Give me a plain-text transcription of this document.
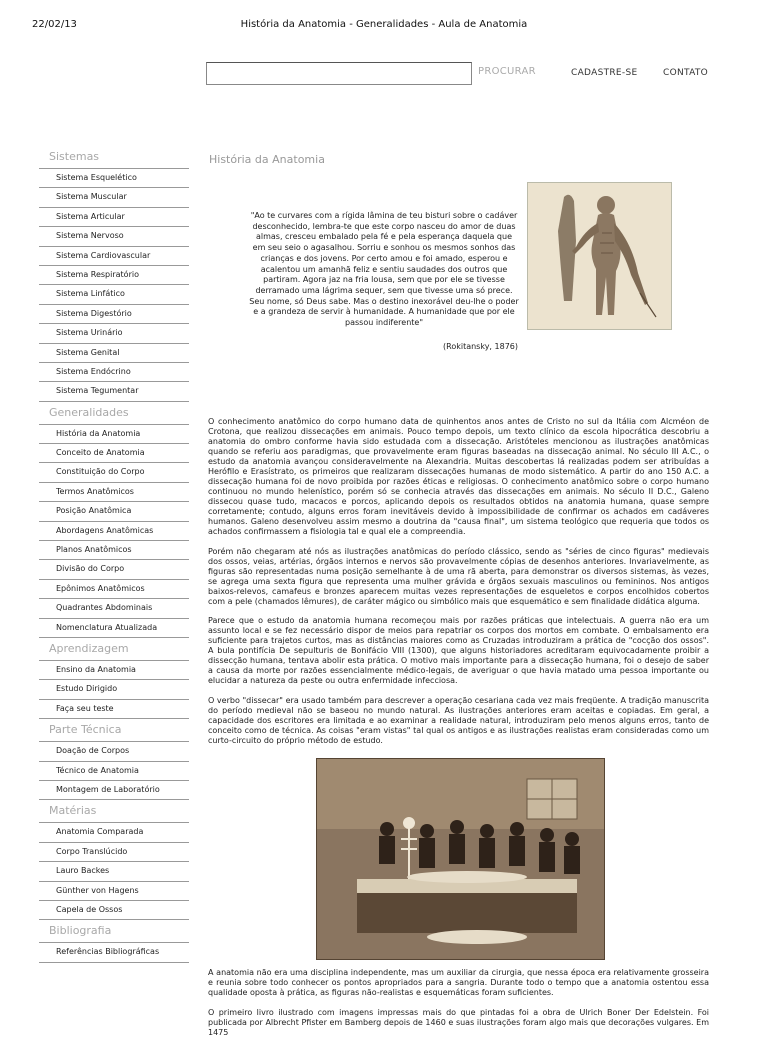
22/02/13	História da Anatomia - Generalidades - Aula de Anatomia
PROCURAR	CADASTRE-SE	CONTATO
Sistemas
Sistema Esquelético
Sistema Muscular
Sistema Articular
Sistema Nervoso
Sistema Cardiovascular
Sistema Respiratório
Sistema Linfático
Sistema Digestório
Sistema Urinário
Sistema Genital
Sistema Endócrino
Sistema Tegumentar
Generalidades
História da Anatomia
Conceito de Anatomia
Constituição do Corpo
Termos Anatômicos
Posição Anatômica
Abordagens Anatômicas
Planos Anatômicos
Divisão do Corpo
Epônimos Anatômicos
Quadrantes Abdominais
Nomenclatura Atualizada
Aprendizagem
Ensino da Anatomia
Estudo Dirigido
Faça seu teste
Parte Técnica
Doação de Corpos
Técnico de Anatomia
Montagem de Laboratório
Matérias
Anatomia Comparada
Corpo Translúcido
Lauro Backes
Günther von Hagens
Capela de Ossos
Bibliografia
Referências Bibliográficas
História da Anatomia
"Ao te curvares com a rígida lâmina de teu bisturi sobre o cadáver desconhecido, lembra-te que este corpo nasceu do amor de duas almas, cresceu embalado pela fé e pela esperança daquela que em seu seio o agasalhou. Sorriu e sonhou os mesmos sonhos das crianças e dos jovens. Por certo amou e foi amado, esperou e acalentou um amanhã feliz e sentiu saudades dos outros que partiram. Agora jaz na fria lousa, sem que por ele se tivesse derramado uma lágrima sequer, sem que tivesse uma só prece. Seu nome, só Deus sabe. Mas o destino inexorável deu-lhe o poder e a grandeza de servir à humanidade. A humanidade que por ele passou indiferente"
(Rokitansky, 1876)

O conhecimento anatômico do corpo humano data de quinhentos anos antes de Cristo no sul da Itália com Alcméon de Crotona, que realizou dissecações em animais. Pouco tempo depois, um texto clínico da escola hipocrática descobriu a anatomia do ombro conforme havia sido estudada com a dissecação. Aristóteles mencionou as ilustrações anatômicas quando se referiu aos paradigmas, que provavelmente eram figuras baseadas na dissecação animal. No século III A.C., o estudo da anatomia avançou consideravelmente na Alexandria. Muitas descobertas lá realizadas podem ser atribuídas a Herófilo e Erasístrato, os primeiros que realizaram dissecações humanas de modo sistemático. A partir do ano 150 A.C. a dissecação humana foi de novo proibida por razões éticas e religiosas. O conhecimento anatômico sobre o corpo humano continuou no mundo helenístico, porém só se conhecia através das dissecações em animais. No século II D.C., Galeno dissecou quase tudo, macacos e porcos, aplicando depois os resultados obtidos na anatomia humana, quase sempre corretamente; contudo, alguns erros foram inevitáveis devido à impossibilidade de confirmar os achados em cadáveres humanos. Galeno desenvolveu assim mesmo a doutrina da "causa final", um sistema teológico que requeria que todos os achados confirmassem a fisiologia tal e qual ele a compreendia.

Porém não chegaram até nós as ilustrações anatômicas do período clássico, sendo as "séries de cinco figuras" medievais dos ossos, veias, artérias, órgãos internos e nervos são provavelmente cópias de desenhos anteriores. Invariavelmente, as figuras são representadas numa posição semelhante à de uma rã aberta, para demonstrar os diversos sistemas, às vezes, se agrega uma sexta figura que representa uma mulher grávida e órgãos sexuais masculinos ou femininos. Nos antigos baixos-relevos, camafeus e bronzes aparecem muitas vezes representações de esqueletos e corpos encolhidos cobertos com a pele (chamados lêmures), de caráter mágico ou simbólico mais que esquemático e sem finalidade didática alguma.

Parece que o estudo da anatomia humana recomeçou mais por razões práticas que intelectuais. A guerra não era um assunto local e se fez necessário dispor de meios para repatriar os corpos dos mortos em combate. O embalsamento era suficiente para trajetos curtos, mas as distâncias maiores como as Cruzadas introduziram a prática de "cocção dos ossos". A bula pontifícia De sepulturis de Bonifácio VIII (1300), que alguns historiadores acreditaram equivocadamente proibir a dissecção humana, tentava abolir esta prática. O motivo mais importante para a dissecação humana, foi o desejo de saber a causa da morte por razões essencialmente médico-legais, de averiguar o que havia matado uma pessoa importante ou elucidar a natureza da peste ou outra enfermidade infecciosa.

O verbo "dissecar" era usado também para descrever a operação cesariana cada vez mais freqüente. A tradição manuscrita do período medieval não se baseou no mundo natural. As ilustrações anteriores eram aceitas e copiadas. Em geral, a capacidade dos escritores era limitada e ao examinar a realidade natural, introduziram pelo menos alguns erros, tanto de conceito como de técnica. As coisas "eram vistas" tal qual os antigos e as ilustrações realistas eram consideradas como um curto-circuito do próprio método de estudo.

A anatomia não era uma disciplina independente, mas um auxiliar da cirurgia, que nessa época era relativamente grosseira e reunia sobre todo conhecer os pontos apropriados para a sangria. Durante todo o tempo que a anatomia ostentou essa qualidade oposta à prática, as figuras não-realistas e esquemáticas foram suficientes.

O primeiro livro ilustrado com imagens impressas mais do que pintadas foi a obra de Ulrich Boner Der Edelstein. Foi publicada por Albrecht Pfister em Bamberg depois de 1460 e suas ilustrações foram algo mais que decorações vulgares. Em 1475
